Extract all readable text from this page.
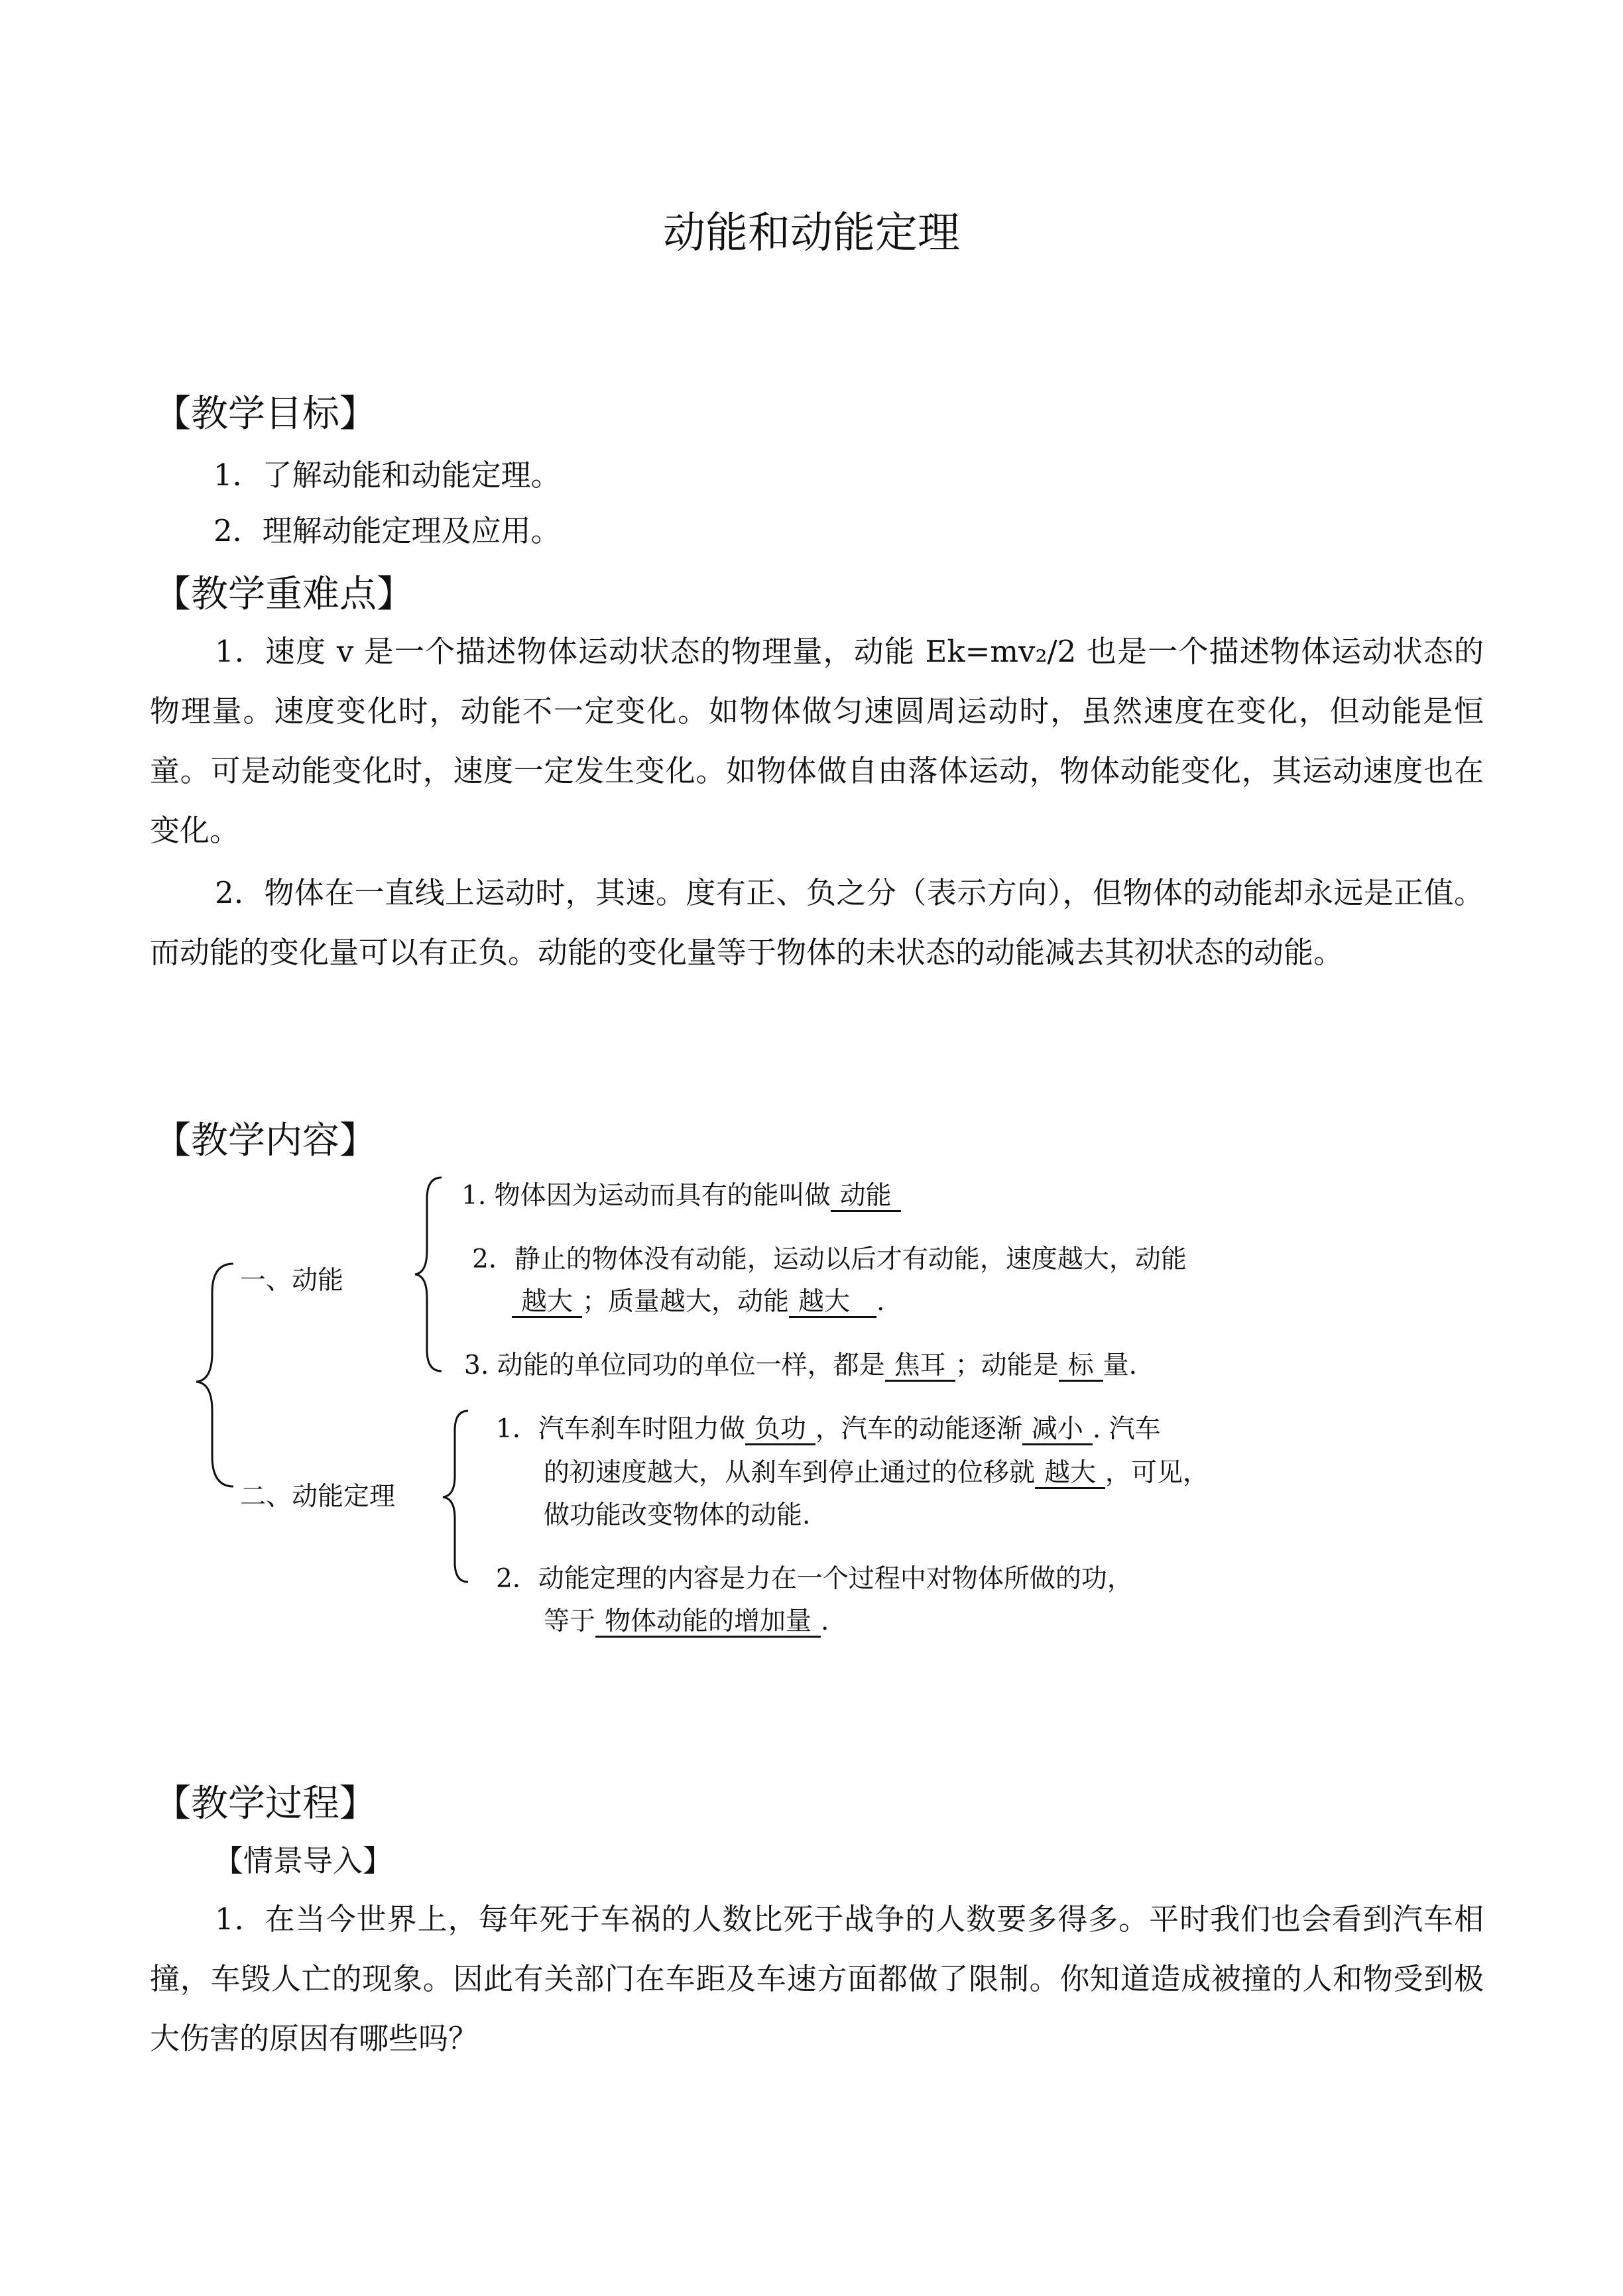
动能和动能定理
【教学目标】
1．了解动能和动能定理。
2．理解动能定理及应用。
【教学重难点】
1．速度 v 是一个描述物体运动状态的物理量，动能 Ek=mv₂/2 也是一个描述物体运动状态的物理量。速度变化时，动能不一定变化。如物体做匀速圆周运动时，虽然速度在变化，但动能是恒童。可是动能变化时，速度一定发生变化。如物体做自由落体运动，物体动能变化，其运动速度也在变化。
2．物体在一直线上运动时，其速。度有正、负之分（表示方向），但物体的动能却永远是正值。而动能的变化量可以有正负。动能的变化量等于物体的未状态的动能减去其初状态的动能。
【教学内容】
一、动能
1. 物体因为运动而具有的能叫做 动能
2．静止的物体没有动能，运动以后才有动能，速度越大，动能
越大 ；质量越大，动能 越大 .
3. 动能的单位同功的单位一样，都是 焦耳 ；动能是 标 量.
二、动能定理
1．汽车刹车时阻力做 负功 ，汽车的动能逐渐 减小 . 汽车
的初速度越大，从刹车到停止通过的位移就 越大 ，可见，
做功能改变物体的动能.
2．动能定理的内容是力在一个过程中对物体所做的功，
等于 物体动能的增加量 .
【教学过程】
【情景导入】
1．在当今世界上，每年死于车祸的人数比死于战争的人数要多得多。平时我们也会看到汽车相撞，车毁人亡的现象。因此有关部门在车距及车速方面都做了限制。你知道造成被撞的人和物受到极大伤害的原因有哪些吗？
